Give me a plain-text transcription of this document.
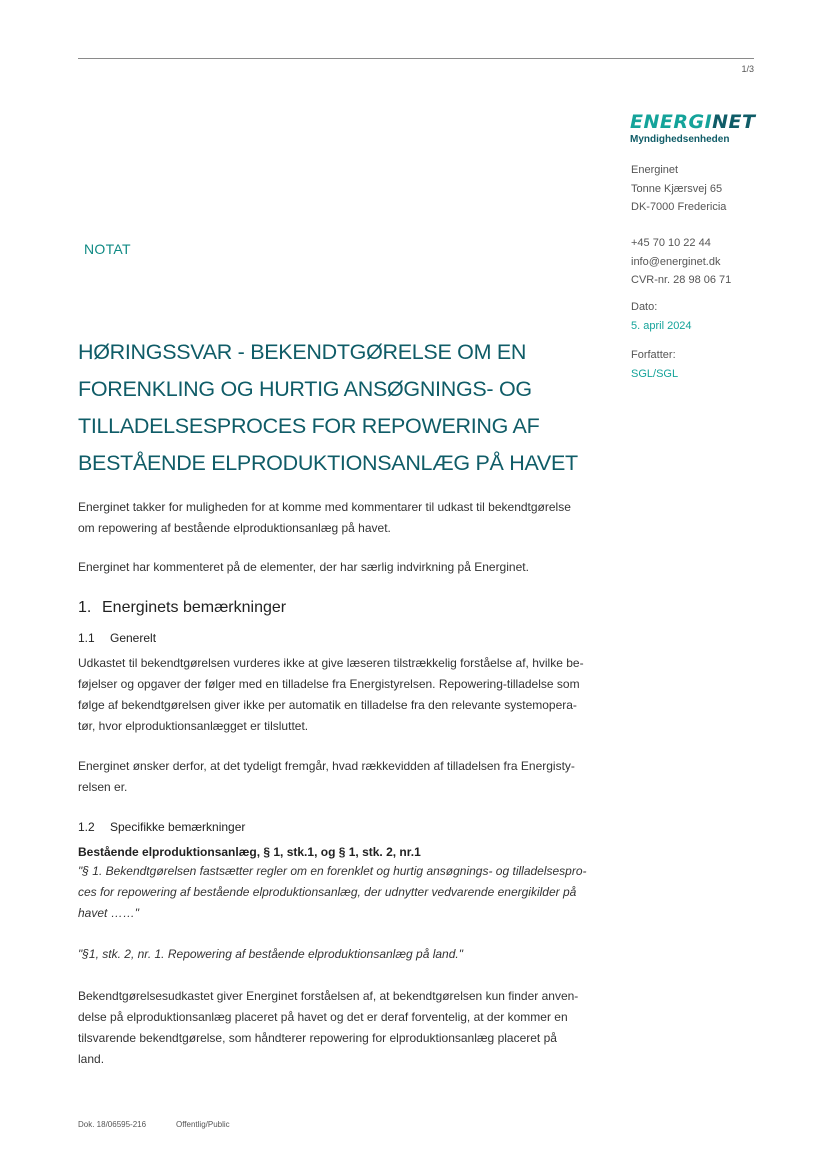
1/3
ENERGINET
Myndighedsenheden
Energinet
Tonne Kjærsvej 65
DK-7000 Fredericia
+45 70 10 22 44
info@energinet.dk
CVR-nr. 28 98 06 71
Dato:
5. april 2024
Forfatter:
SGL/SGL
NOTAT
HØRINGSSVAR - BEKENDTGØRELSE OM EN
FORENKLING OG HURTIG ANSØGNINGS- OG
TILLADELSESPROCES FOR REPOWERING AF
BESTÅENDE ELPRODUKTIONSANLÆG PÅ HAVET
Energinet takker for muligheden for at komme med kommentarer til udkast til bekendtgørelse
om repowering af bestående elproduktionsanlæg på havet.
Energinet har kommenteret på de elementer, der har særlig indvirkning på Energinet.
1. Energinets bemærkninger
1.1 Generelt
Udkastet til bekendtgørelsen vurderes ikke at give læseren tilstrækkelig forståelse af, hvilke be-
føjelser og opgaver der følger med en tilladelse fra Energistyrelsen. Repowering-tilladelse som
følge af bekendtgørelsen giver ikke per automatik en tilladelse fra den relevante systemopera-
tør, hvor elproduktionsanlægget er tilsluttet.
Energinet ønsker derfor, at det tydeligt fremgår, hvad rækkevidden af tilladelsen fra Energisty-
relsen er.
1.2 Specifikke bemærkninger
Bestående elproduktionsanlæg, § 1, stk.1, og § 1, stk. 2, nr.1
"§ 1. Bekendtgørelsen fastsætter regler om en forenklet og hurtig ansøgnings- og tilladelsespro-
ces for repowering af bestående elproduktionsanlæg, der udnytter vedvarende energikilder på
havet ……"
"§1, stk. 2, nr. 1. Repowering af bestående elproduktionsanlæg på land."
Bekendtgørelsesudkastet giver Energinet forståelsen af, at bekendtgørelsen kun finder anven-
delse på elproduktionsanlæg placeret på havet og det er deraf forventelig, at der kommer en
tilsvarende bekendtgørelse, som håndterer repowering for elproduktionsanlæg placeret på
land.
Dok. 18/06595-216	Offentlig/Public
